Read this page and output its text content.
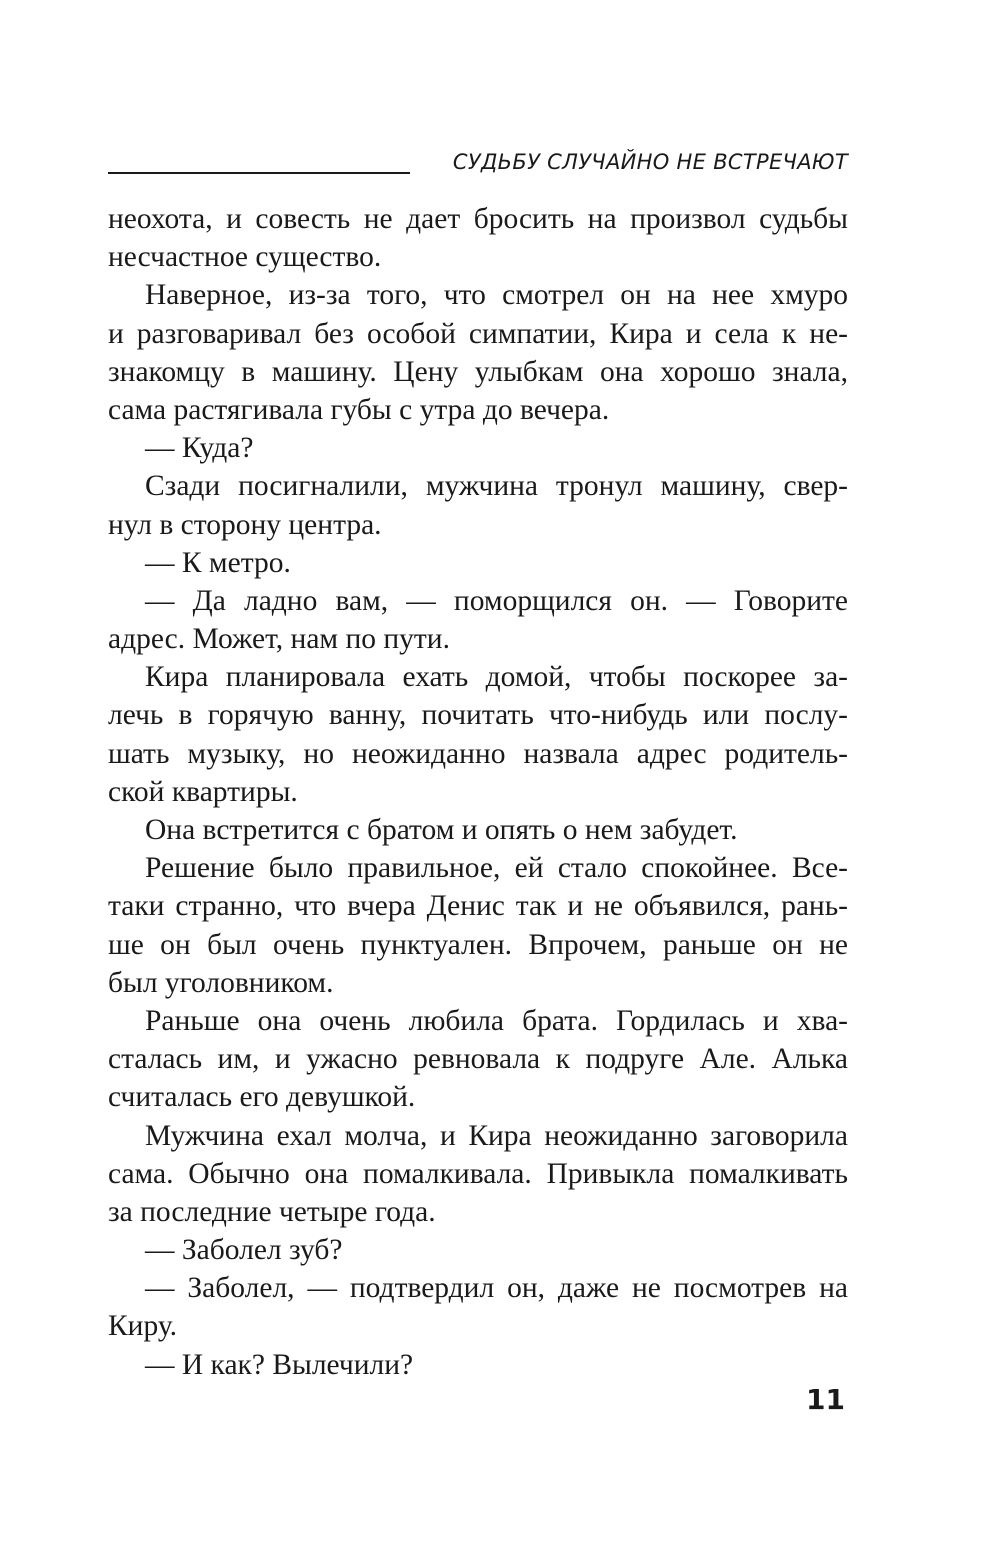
СУДЬБУ СЛУЧАЙНО НЕ ВСТРЕЧАЮТ
неохота, и совесть не дает бросить на произвол судьбы
несчастное существо.
Наверное, из-за того, что смотрел он на нее хмуро
и разговаривал без особой симпатии, Кира и села к не-
знакомцу в машину. Цену улыбкам она хорошо знала,
сама растягивала губы с утра до вечера.
— Куда?
Сзади посигналили, мужчина тронул машину, свер-
нул в сторону центра.
— К метро.
— Да ладно вам, — поморщился он. — Говорите
адрес. Может, нам по пути.
Кира планировала ехать домой, чтобы поскорее за-
лечь в горячую ванну, почитать что-нибудь или послу-
шать музыку, но неожиданно назвала адрес родитель-
ской квартиры.
Она встретится с братом и опять о нем забудет.
Решение было правильное, ей стало спокойнее. Все-
таки странно, что вчера Денис так и не объявился, рань-
ше он был очень пунктуален. Впрочем, раньше он не
был уголовником.
Раньше она очень любила брата. Гордилась и хва-
сталась им, и ужасно ревновала к подруге Але. Алька
считалась его девушкой.
Мужчина ехал молча, и Кира неожиданно заговорила
сама. Обычно она помалкивала. Привыкла помалкивать
за последние четыре года.
— Заболел зуб?
— Заболел, — подтвердил он, даже не посмотрев на
Киру.
— И как? Вылечили?
11
